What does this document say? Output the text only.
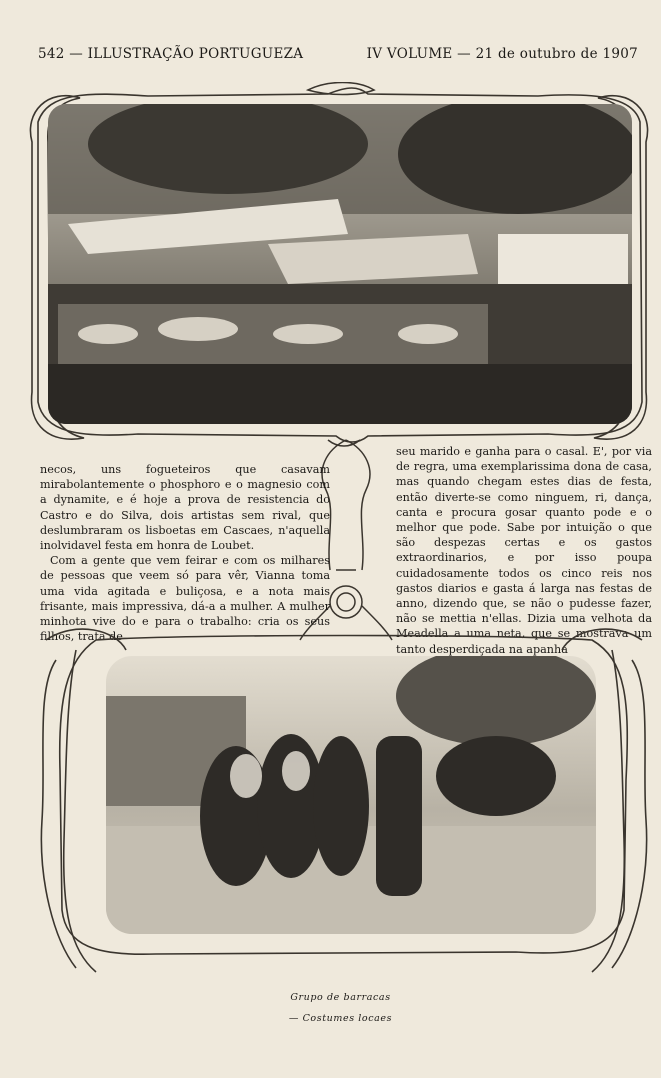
542 — ILLUSTRAÇÃO PORTUGUEZA	IV VOLUME — 21 de outubro de 1907

necos, uns fogueteiros que casavam mirabolantemente o phosphoro e o magnesio com a dynamite, e é hoje a prova de resistencia do Castro e do Silva, dois artistas sem rival, que deslumbraram os lisboetas em Cascaes, n'aquella inolvidavel festa em honra de Loubet.

Com a gente que vem feirar e com os milhares de pessoas que veem só para vêr, Vianna toma uma vida agitada e buliçosa, e a nota mais frisante, mais impressiva, dá-a a mulher. A mulher minhota vive do e para o trabalho: cria os seus filhos, trata de

seu marido e ganha para o casal. E', por via de regra, uma exemplarissima dona de casa, mas quando chegam estes dias de festa, então diverte-se como ninguem, ri, dança, canta e procura gosar quanto pode e o melhor que pode. Sabe por intuição o que são despezas certas e os gastos extraordinarios, e por isso poupa cuidadosamente todos os cinco reis nos gastos diarios e gasta á larga nas festas de anno, dizendo que, se não o pudesse fazer, não se mettia n'ellas. Dizia uma velhota da Meadella a uma neta, que se mostrava um tanto desperdiçada na apanha

Grupo de barracas
— Costumes locaes
